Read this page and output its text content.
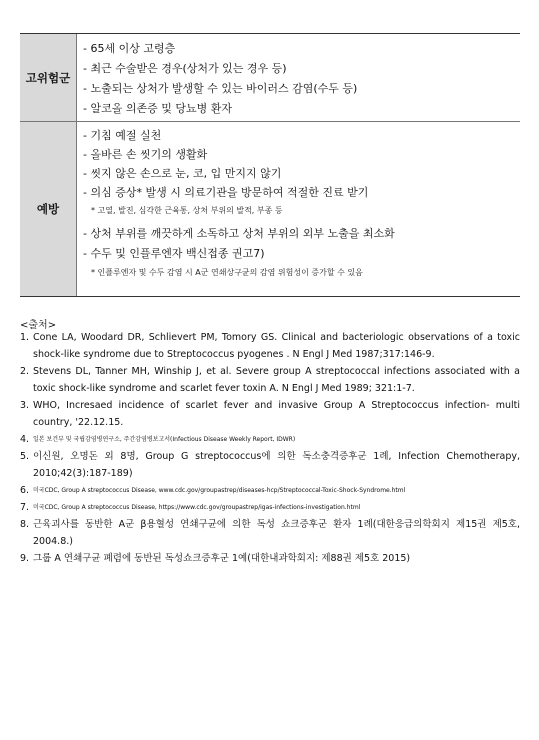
고위험군
- 65세 이상 고령층
- 최근 수술받은 경우(상처가 있는 경우 등)
- 노출되는 상처가 발생할 수 있는 바이러스 감염(수두 등)
- 알코올 의존증 및 당뇨병 환자
예방
- 기침 예절 실천
- 올바른 손 씻기의 생활화
- 씻지 않은 손으로 눈, 코, 입 만지지 않기
- 의심 증상* 발생 시 의료기관을 방문하여 적절한 진료 받기
* 고열, 발진, 심각한 근육통, 상처 부위의 발적, 부종 등
- 상처 부위를 깨끗하게 소독하고 상처 부위의 외부 노출을 최소화
- 수두 및 인플루엔자 백신접종 권고7)
* 인플루엔자 및 수두 감염 시 A군 연쇄상구균의 감염 위험성이 증가할 수 있음
<출처>
1. Cone LA, Woodard DR, Schlievert PM, Tomory GS. Clinical and bacteriologic observations of a toxic shock-like syndrome due to Streptococcus pyogenes . N Engl J Med 1987;317:146-9.
2. Stevens DL, Tanner MH, Winship J, et al. Severe group A streptococcal infections associated with a toxic shock-like syndrome and scarlet fever toxin A. N Engl J Med 1989; 321:1-7.
3. WHO, Incresaed incidence of scarlet fever and invasive Group A Streptococcus infection- multi country, '22.12.15.
4. 일본 보건부 및 국립감염병연구소, 주간감염병보고서(Infectious Disease Weekly Report, IDWR)
5. 이신원, 오명돈 외 8명, Group G streptococcus에 의한 독소충격증후군 1례, Infection Chemotherapy, 2010;42(3):187-189)
6. 미국CDC, Group A streptococcus Disease, www.cdc.gov/groupastrep/diseases-hcp/Streptococcal-Toxic-Shock-Syndrome.html
7. 미국CDC, Group A streptococcus Disease, https://www.cdc.gov/groupastrep/igas-infections-investigation.html
8. 근육괴사를 동반한 A군 β용혈성 연쇄구균에 의한 독성 쇼크증후군 환자 1례(대한응급의학회지 제15권 제5호, 2004.8.)
9. 그룹 A 연쇄구균 폐렴에 동반된 독성쇼크증후군 1예(대한내과학회지: 제88권 제5호 2015)
